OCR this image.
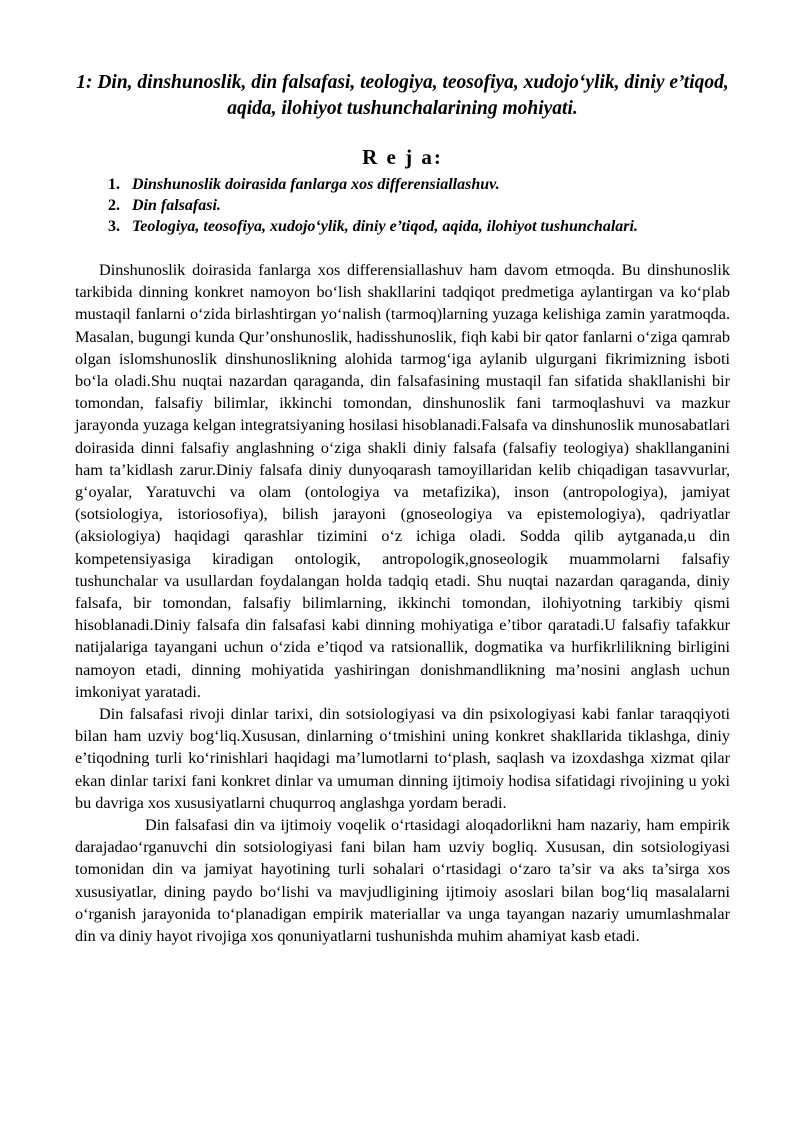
1: Din, dinshunoslik, din falsafasi, teologiya, teosofiya, xudojo‘ylik, diniy e’tiqod, aqida, ilohiyot tushunchalarining mohiyati.
R e j a:
1. Dinshunoslik doirasida fanlarga xos differensiallashuv.
2. Din falsafasi.
3. Teologiya, teosofiya, xudojo‘ylik, diniy e’tiqod, aqida, ilohiyot tushunchalari.

Dinshunoslik doirasida fanlarga xos differensiallashuv ham davom etmoqda. Bu dinshunoslik tarkibida dinning konkret namoyon bo‘lish shakllarini tadqiqot predmetiga aylantirgan va ko‘plab mustaqil fanlarni o‘zida birlashtirgan yo‘nalish (tarmoq)larning yuzaga kelishiga zamin yaratmoqda. Masalan, bugungi kunda Qur’onshunoslik, hadisshunoslik, fiqh kabi bir qator fanlarni o‘ziga qamrab olgan islomshunoslik dinshunoslikning alohida tarmog‘iga aylanib ulgurgani fikrimizning isboti bo‘la oladi.Shu nuqtai nazardan qaraganda, din falsafasining mustaqil fan sifatida shakllanishi bir tomondan, falsafiy bilimlar, ikkinchi tomondan, dinshunoslik fani tarmoqlashuvi va mazkur jarayonda yuzaga kelgan integratsiyaning hosilasi hisoblanadi.Falsafa va dinshunoslik munosabatlari doirasida dinni falsafiy anglashning o‘ziga shakli diniy falsafa (falsafiy teologiya) shakllanganini ham ta’kidlash zarur.Diniy falsafa diniy dunyoqarash tamoyillaridan kelib chiqadigan tasavvurlar, g‘oyalar, Yaratuvchi va olam (ontologiya va metafizika), inson (antropologiya), jamiyat (sotsiologiya, istoriosofiya), bilish jarayoni (gnoseologiya va epistemologiya), qadriyatlar (aksiologiya) haqidagi qarashlar tizimini o‘z ichiga oladi. Sodda qilib aytganada,u din kompetensiyasiga kiradigan ontologik, antropologik,gnoseologik muammolarni falsafiy tushunchalar va usullardan foydalangan holda tadqiq etadi. Shu nuqtai nazardan qaraganda, diniy falsafa, bir tomondan, falsafiy bilimlarning, ikkinchi tomondan, ilohiyotning tarkibiy qismi hisoblanadi.Diniy falsafa din falsafasi kabi dinning mohiyatiga e’tibor qaratadi.U falsafiy tafakkur natijalariga tayangani uchun o‘zida e’tiqod va ratsionallik, dogmatika va hurfikrlilikning birligini namoyon etadi, dinning mohiyatida yashiringan donishmandlikning ma’nosini anglash uchun imkoniyat yaratadi.

Din falsafasi rivoji dinlar tarixi, din sotsiologiyasi va din psixologiyasi kabi fanlar taraqqiyoti bilan ham uzviy bog‘liq.Xususan, dinlarning o‘tmishini uning konkret shakllarida tiklashga, diniy e’tiqodning turli ko‘rinishlari haqidagi ma’lumotlarni to‘plash, saqlash va izoxdashga xizmat qilar ekan dinlar tarixi fani konkret dinlar va umuman dinning ijtimoiy hodisa sifatidagi rivojining u yoki bu davriga xos xususiyatlarni chuqurroq anglashga yordam beradi.

Din falsafasi din va ijtimoiy voqelik o‘rtasidagi aloqadorlikni ham nazariy, ham empirik darajadao‘rganuvchi din sotsiologiyasi fani bilan ham uzviy bogliq. Xususan, din sotsiologiyasi tomonidan din va jamiyat hayotining turli sohalari o‘rtasidagi o‘zaro ta’sir va aks ta’sirga xos xususiyatlar, dining paydo bo‘lishi va mavjudligining ijtimoiy asoslari bilan bog‘liq masalalarni o‘rganish jarayonida to‘planadigan empirik materiallar va unga tayangan nazariy umumlashmalar din va diniy hayot rivojiga xos qonuniyatlarni tushunishda muhim ahamiyat kasb etadi.
